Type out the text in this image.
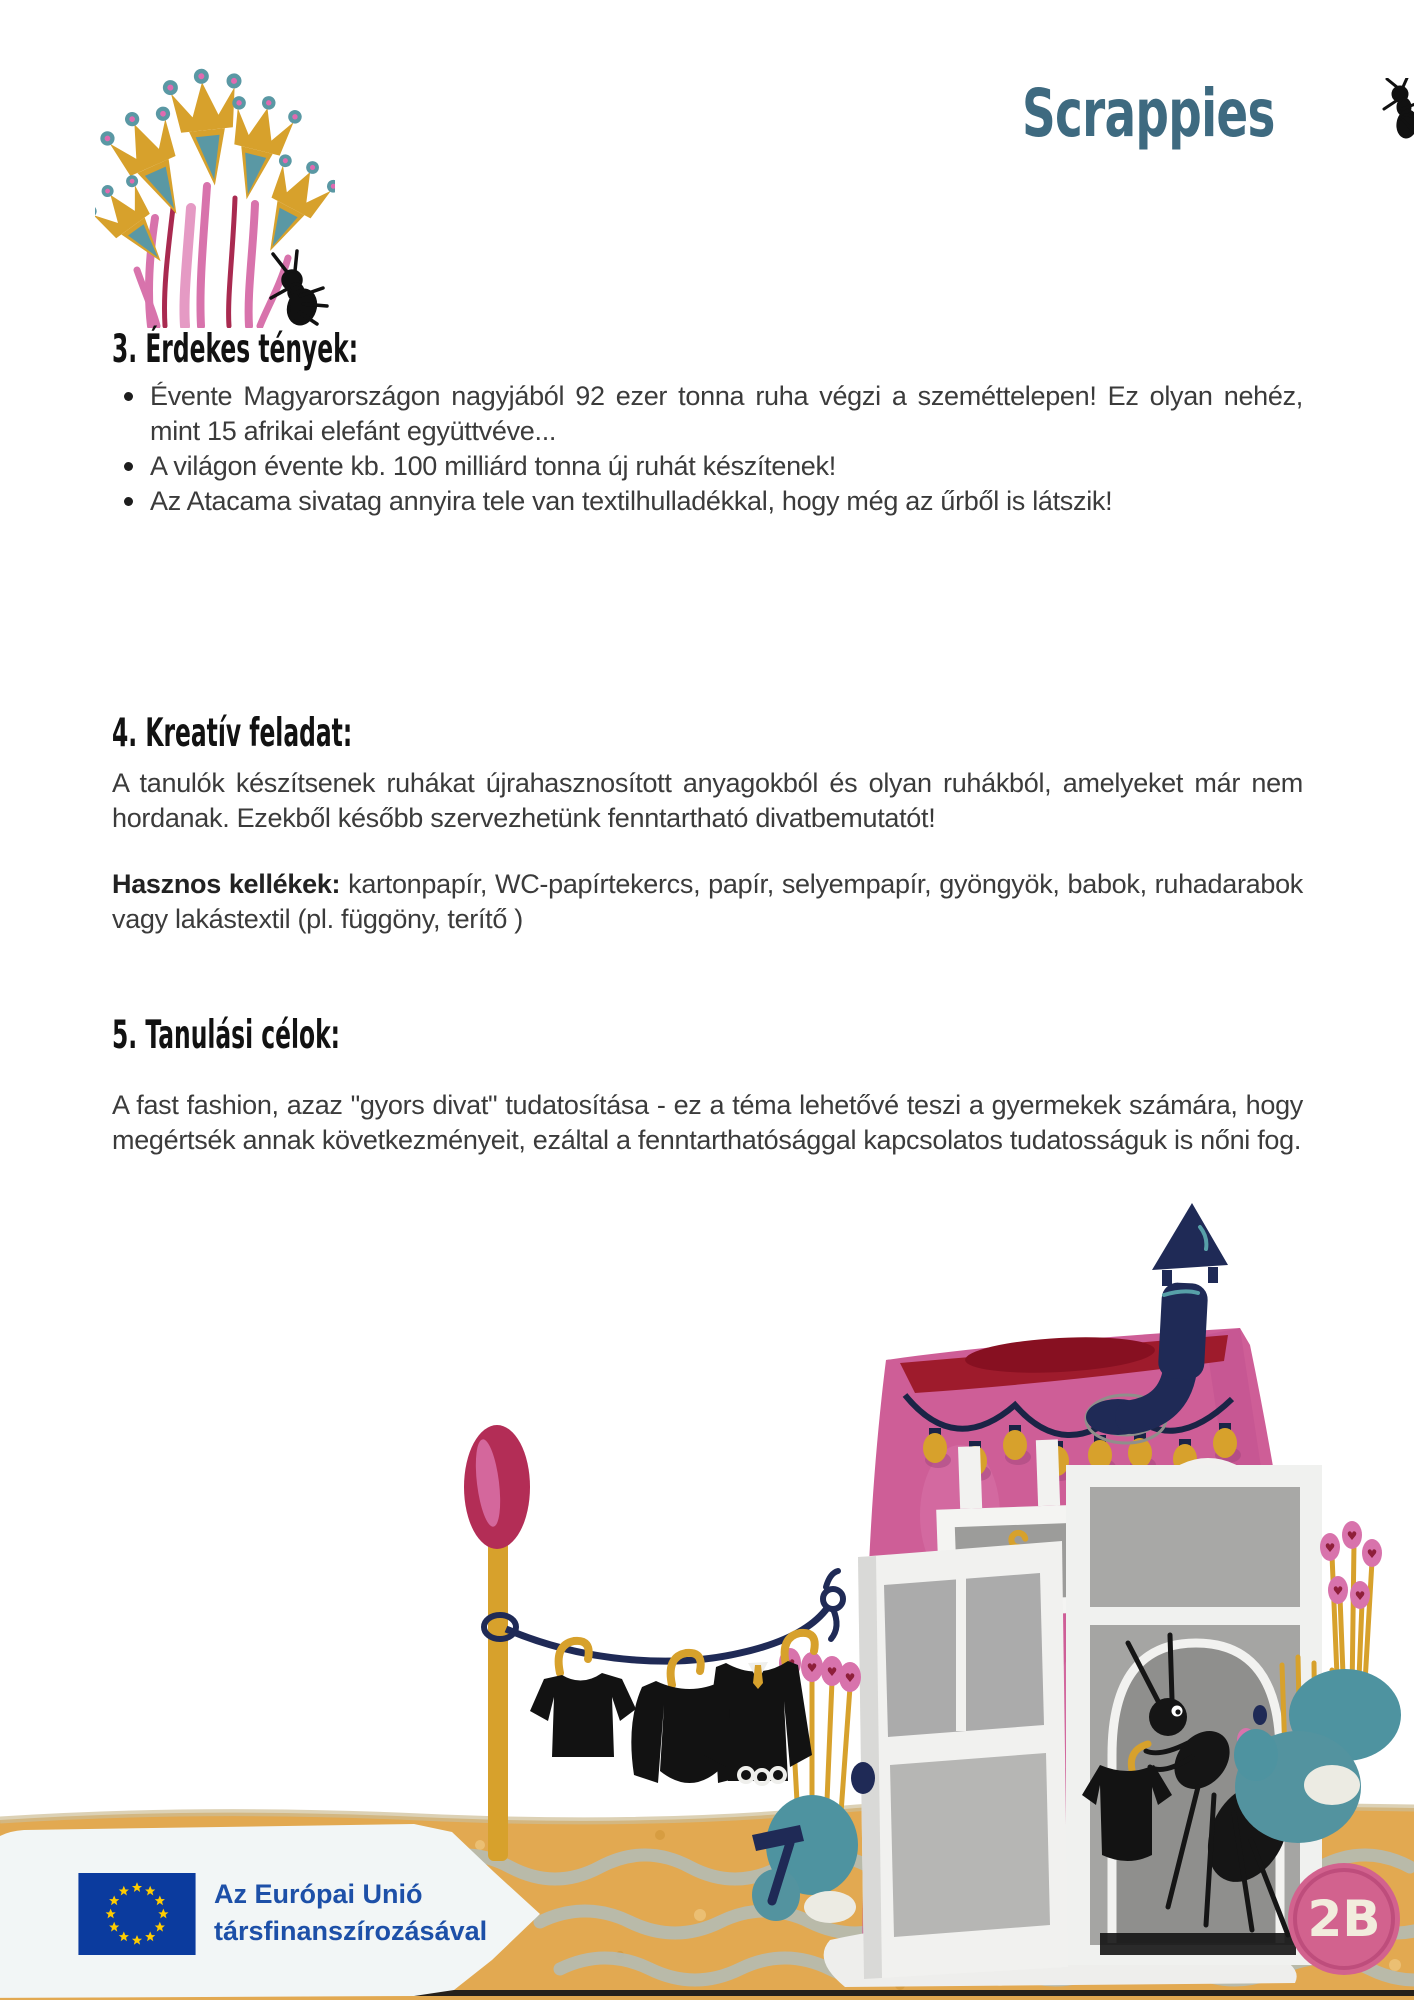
Scrappies
3. Érdekes tények:
Évente Magyarországon nagyjából 92 ezer tonna ruha végzi a szeméttelepen! Ez olyan nehéz, mint 15 afrikai elefánt együttvéve...
A világon évente kb. 100 milliárd tonna új ruhát készítenek!
Az Atacama sivatag annyira tele van textilhulladékkal, hogy még az űrből is látszik!
4. Kreatív feladat:

A tanulók készítsenek ruhákat újrahasznosított anyagokból és olyan ruhákból, amelyeket már nem hordanak. Ezekből később szervezhetünk fenntartható divatbemutatót!

Hasznos kellékek: kartonpapír, WC-papírtekercs, papír, selyempapír, gyöngyök, babok, ruhadarabok vagy lakástextil (pl. függöny, terítő )

5. Tanulási célok:

A fast fashion, azaz "gyors divat" tudatosítása - ez a téma lehetővé teszi a gyermekek számára, hogy megértsék annak következményeit, ezáltal a fenntarthatósággal kapcsolatos tudatosságuk is nőni fog.

♥
♥
♥
♥ ♥
♥ ♥ ♥
Az Európai Unió
társfinanszírozásával	2B
